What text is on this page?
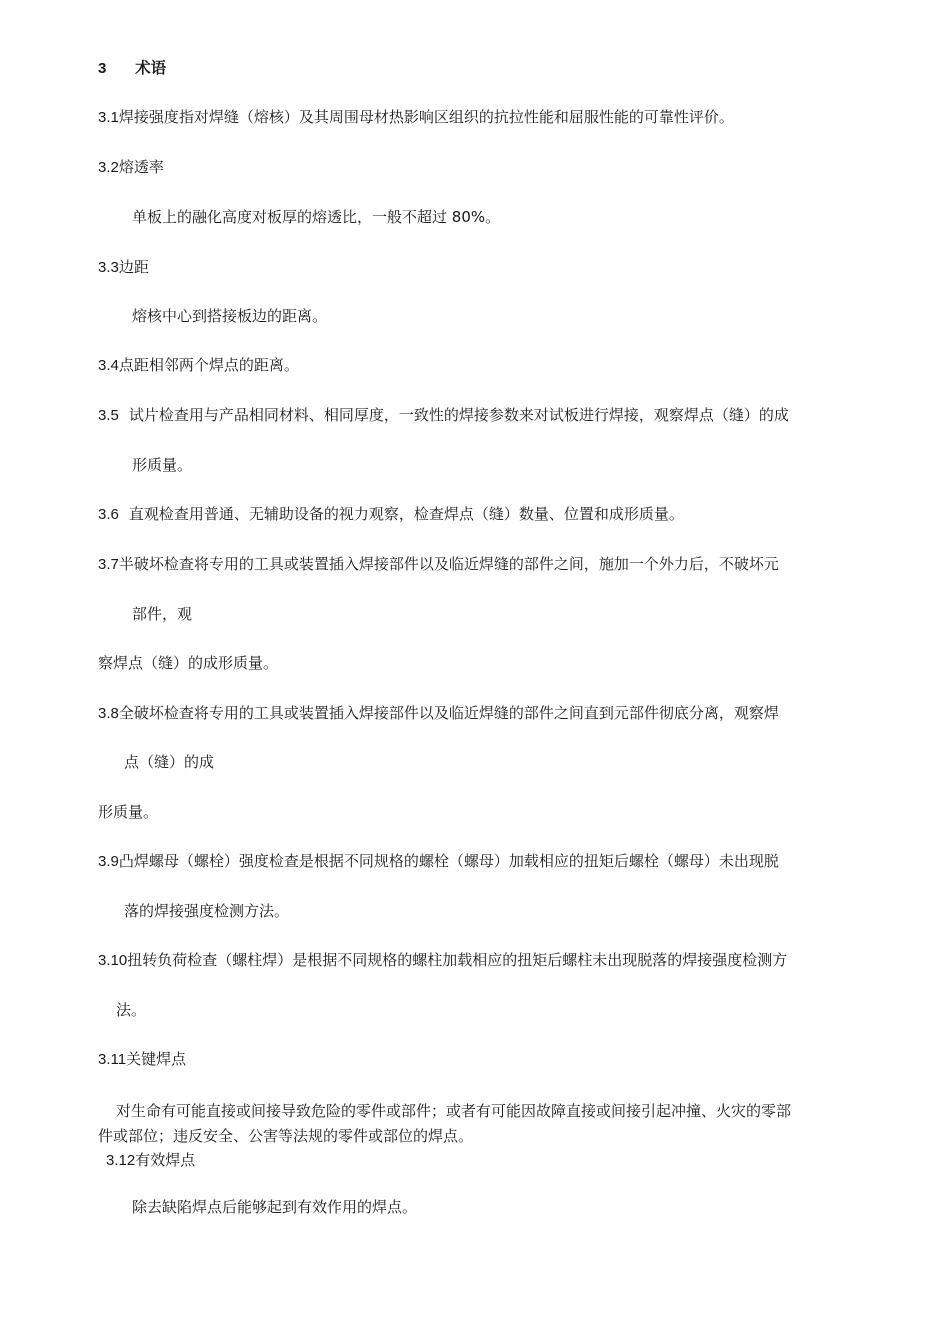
3 术语
3.1焊接强度指对焊缝（熔核）及其周围母材热影响区组织的抗拉性能和屈服性能的可靠性评价。
3.2熔透率
单板上的融化高度对板厚的熔透比，一般不超过 80%。
3.3边距
熔核中心到搭接板边的距离。
3.4点距相邻两个焊点的距离。
3.5 试片检查用与产品相同材料、相同厚度，一致性的焊接参数来对试板进行焊接，观察焊点（缝）的成
形质量。
3.6 直观检查用普通、无辅助设备的视力观察，检查焊点（缝）数量、位置和成形质量。
3.7半破坏检查将专用的工具或装置插入焊接部件以及临近焊缝的部件之间，施加一个外力后，不破坏元
部件，观
察焊点（缝）的成形质量。
3.8全破坏检查将专用的工具或装置插入焊接部件以及临近焊缝的部件之间直到元部件彻底分离，观察焊
点（缝）的成
形质量。
3.9凸焊螺母（螺栓）强度检查是根据不同规格的螺栓（螺母）加载相应的扭矩后螺栓（螺母）未出现脱
落的焊接强度检测方法。
3.10扭转负荷检查（螺柱焊）是根据不同规格的螺柱加载相应的扭矩后螺柱未出现脱落的焊接强度检测方
法。
3.11关键焊点
对生命有可能直接或间接导致危险的零件或部件；或者有可能因故障直接或间接引起冲撞、火灾的零部
件或部位；违反安全、公害等法规的零件或部位的焊点。
3.12有效焊点
除去缺陷焊点后能够起到有效作用的焊点。
